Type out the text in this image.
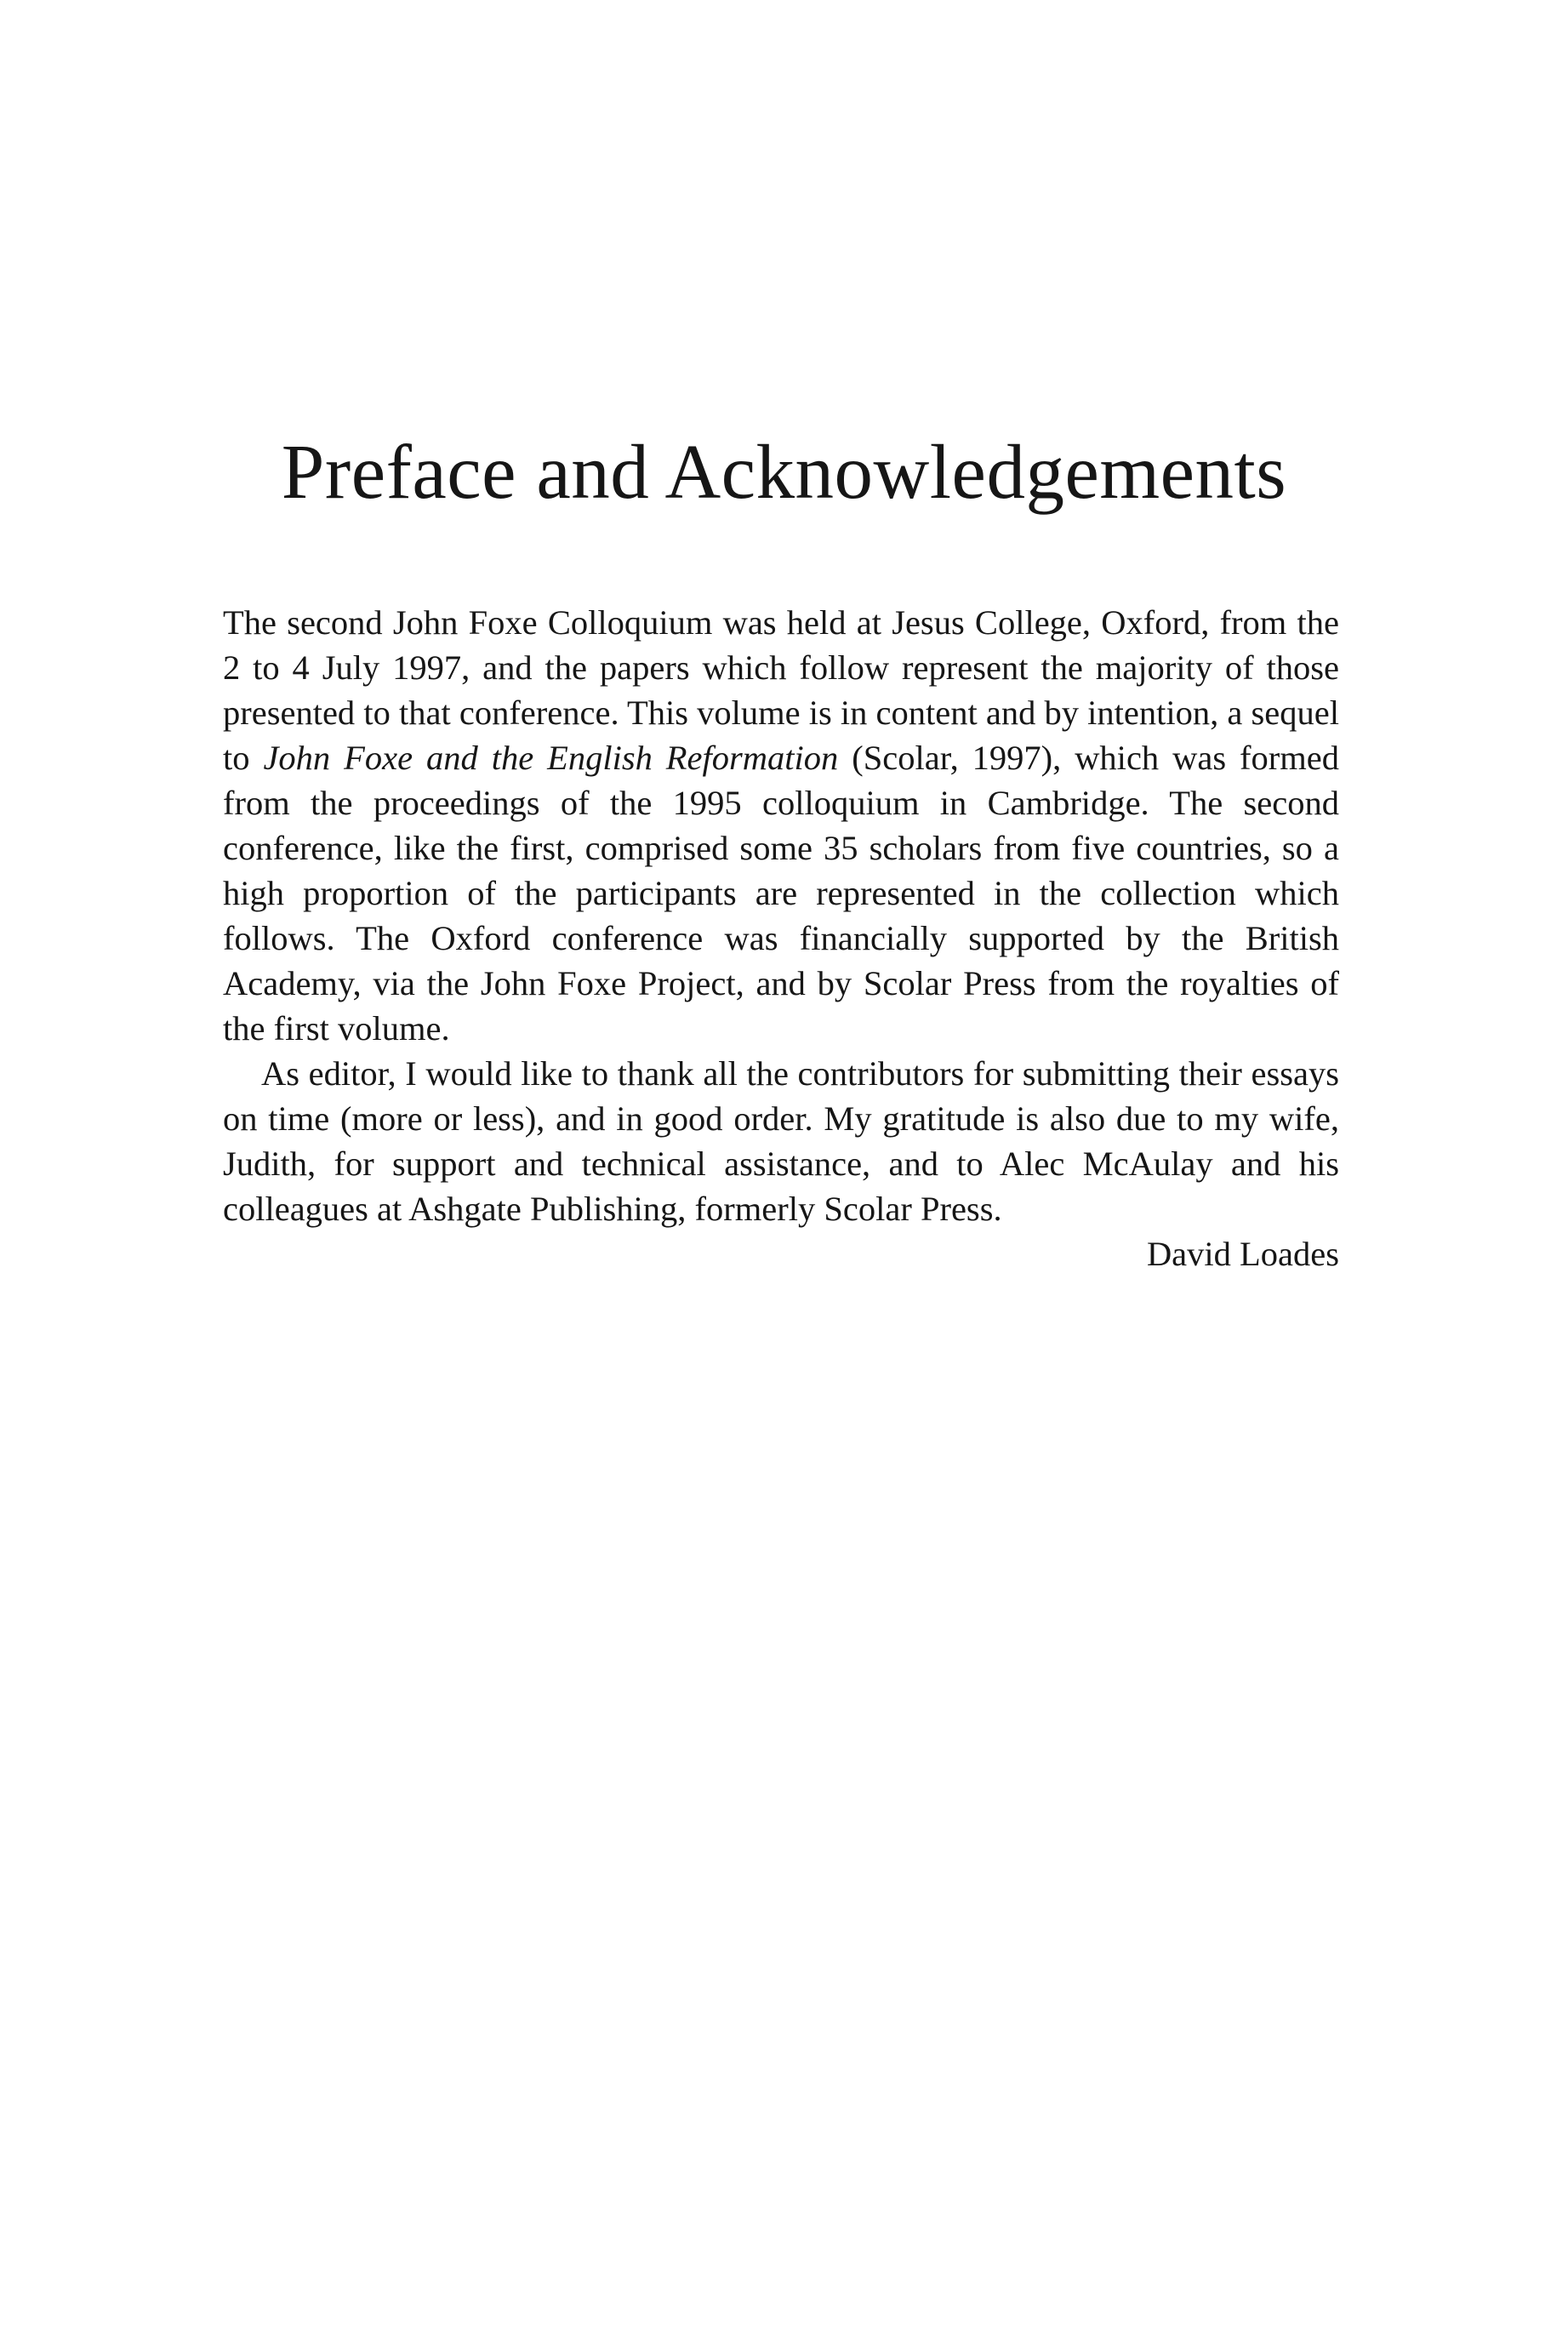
Preface and Acknowledgements

The second John Foxe Colloquium was held at Jesus College, Oxford, from the 2 to 4 July 1997, and the papers which follow represent the majority of those presented to that conference. This volume is in content and by intention, a sequel to John Foxe and the English Reformation (Scolar, 1997), which was formed from the proceedings of the 1995 colloquium in Cambridge. The second conference, like the first, comprised some 35 scholars from five countries, so a high proportion of the participants are represented in the collection which follows. The Oxford conference was financially supported by the British Academy, via the John Foxe Project, and by Scolar Press from the royalties of the first volume.

As editor, I would like to thank all the contributors for submitting their essays on time (more or less), and in good order. My gratitude is also due to my wife, Judith, for support and technical assistance, and to Alec McAulay and his colleagues at Ashgate Publishing, formerly Scolar Press.

David Loades
